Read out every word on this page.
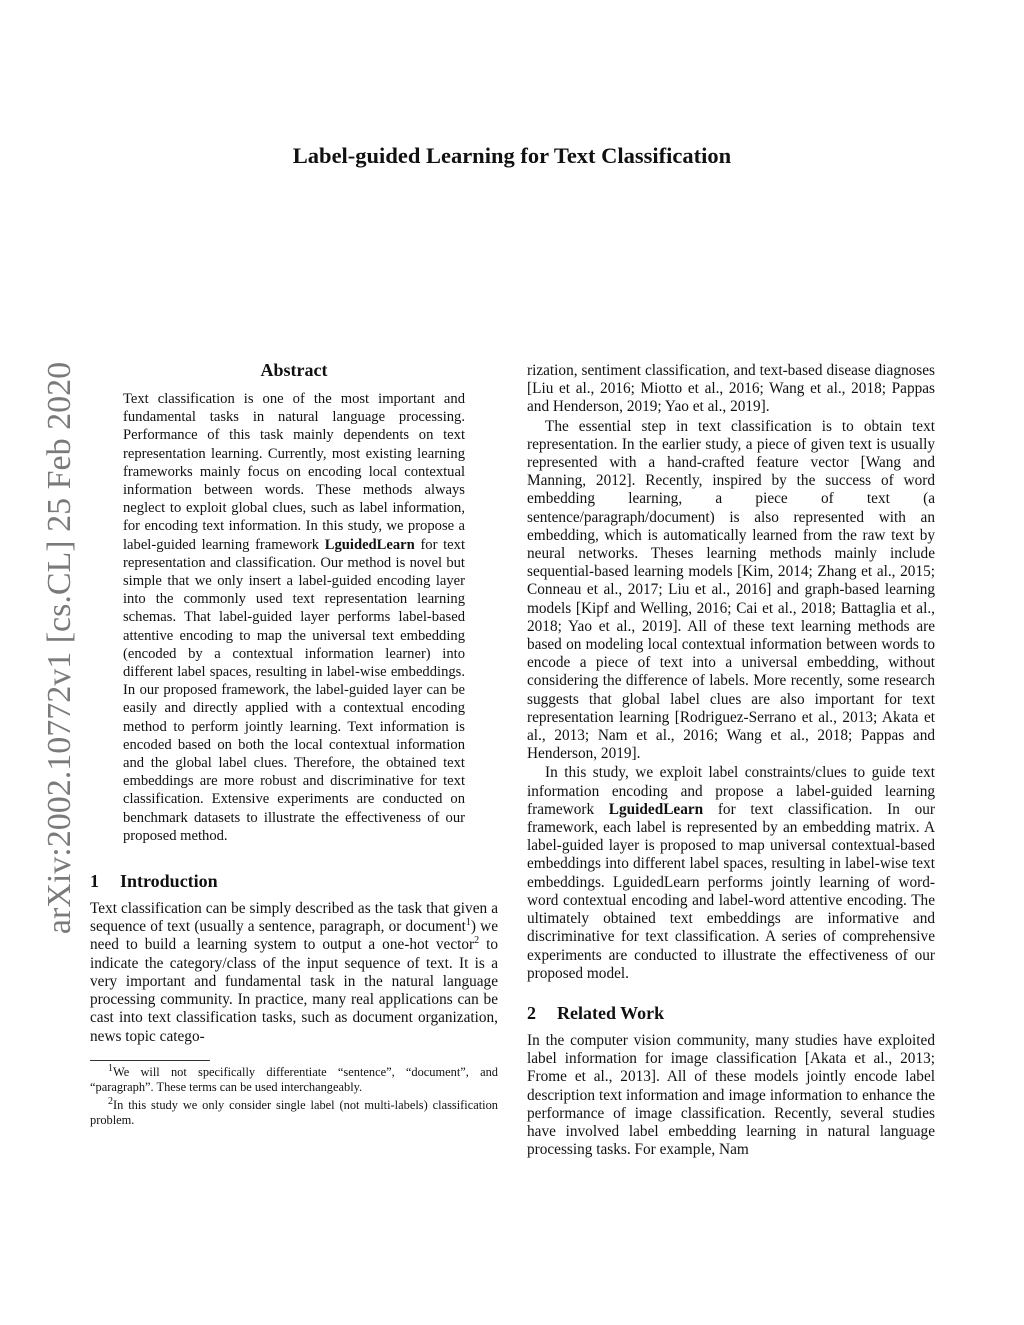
Label-guided Learning for Text Classification
arXiv:2002.10772v1 [cs.CL] 25 Feb 2020	Abstract

Text classification is one of the most important and fundamental tasks in natural language processing. Performance of this task mainly dependents on text representation learning. Currently, most existing learning frameworks mainly focus on encoding local contextual information between words. These methods always neglect to exploit global clues, such as label information, for encoding text information. In this study, we propose a label-guided learning framework LguidedLearn for text representation and classification. Our method is novel but simple that we only insert a label-guided encoding layer into the commonly used text representation learning schemas. That label-guided layer performs label-based attentive encoding to map the universal text embedding (encoded by a contextual information learner) into different label spaces, resulting in label-wise embeddings. In our proposed framework, the label-guided layer can be easily and directly applied with a contextual encoding method to perform jointly learning. Text information is encoded based on both the local contextual information and the global label clues. Therefore, the obtained text embeddings are more robust and discriminative for text classification. Extensive experiments are conducted on benchmark datasets to illustrate the effectiveness of our proposed method.

1 Introduction

Text classification can be simply described as the task that given a sequence of text (usually a sentence, paragraph, or document$^1$) we need to build a learning system to output a one-hot vector$^2$ to indicate the category/class of the input sequence of text. It is a very important and fundamental task in the natural language processing community. In practice, many real applications can be cast into text classification tasks, such as document organization, news topic catego-

$^1$We will not specifically differentiate “sentence”, “document”, and “paragraph”. These terms can be used interchangeably.

$^2$In this study we only consider single label (not multi-labels) classification problem.

rization, sentiment classification, and text-based disease diagnoses [Liu et al., 2016; Miotto et al., 2016; Wang et al., 2018; Pappas and Henderson, 2019; Yao et al., 2019].

The essential step in text classification is to obtain text representation. In the earlier study, a piece of given text is usually represented with a hand-crafted feature vector [Wang and Manning, 2012]. Recently, inspired by the success of word embedding learning, a piece of text (a sentence/paragraph/document) is also represented with an embedding, which is automatically learned from the raw text by neural networks. Theses learning methods mainly include sequential-based learning models [Kim, 2014; Zhang et al., 2015; Conneau et al., 2017; Liu et al., 2016] and graph-based learning models [Kipf and Welling, 2016; Cai et al., 2018; Battaglia et al., 2018; Yao et al., 2019]. All of these text learning methods are based on modeling local contextual information between words to encode a piece of text into a universal embedding, without considering the difference of labels. More recently, some research suggests that global label clues are also important for text representation learning [Rodriguez-Serrano et al., 2013; Akata et al., 2013; Nam et al., 2016; Wang et al., 2018; Pappas and Henderson, 2019].

In this study, we exploit label constraints/clues to guide text information encoding and propose a label-guided learning framework LguidedLearn for text classification. In our framework, each label is represented by an embedding matrix. A label-guided layer is proposed to map universal contextual-based embeddings into different label spaces, resulting in label-wise text embeddings. LguidedLearn performs jointly learning of word-word contextual encoding and label-word attentive encoding. The ultimately obtained text embeddings are informative and discriminative for text classification. A series of comprehensive experiments are conducted to illustrate the effectiveness of our proposed model.

2 Related Work

In the computer vision community, many studies have exploited label information for image classification [Akata et al., 2013; Frome et al., 2013]. All of these models jointly encode label description text information and image information to enhance the performance of image classification. Recently, several studies have involved label embedding learning in natural language processing tasks. For example, Nam
